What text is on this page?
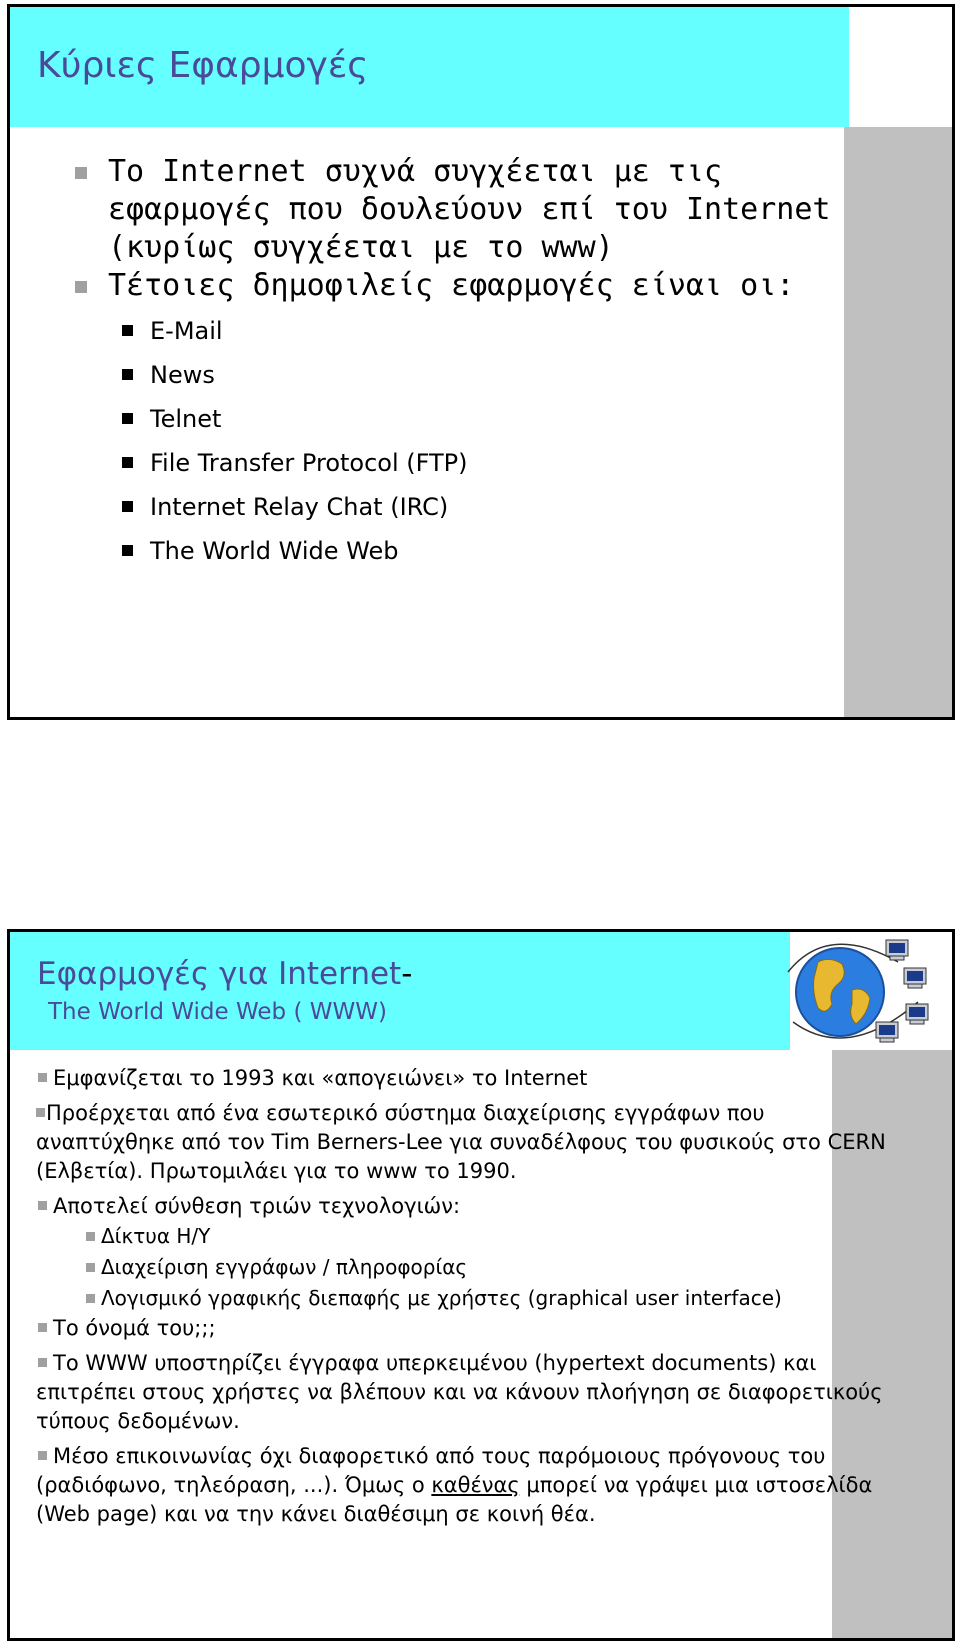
Κύριες Εφαρμογές
Το Internet συχνά συγχέεται με τις εφαρμογές που δουλεύουν επί του Internet (κυρίως συγχέεται με το www)
Τέτοιες δημοφιλείς εφαρμογές είναι οι:
E-Mail
News
Telnet
File Transfer Protocol (FTP)
Internet Relay Chat (IRC)
The World Wide Web
Εφαρμογές για Internet-
The World Wide Web ( WWW)

Εμφανίζεται το 1993 και «απογειώνει» το Internet

Προέρχεται από ένα εσωτερικό σύστημα διαχείρισης εγγράφων που αναπτύχθηκε από τον Tim Berners-Lee για συναδέλφους του φυσικούς στο CERN (Ελβετία). Πρωτομιλάει για το www το 1990.

Αποτελεί σύνθεση τριών τεχνολογιών:

Δίκτυα Η/Υ

Διαχείριση εγγράφων / πληροφορίας

Λογισμικό γραφικής διεπαφής με χρήστες (graphical user interface)

Το όνομά του;;;

Το WWW υποστηρίζει έγγραφα υπερκειμένου (hypertext documents) και επιτρέπει στους χρήστες να βλέπουν και να κάνουν πλοήγηση σε διαφορετικούς τύπους δεδομένων.

Μέσο επικοινωνίας όχι διαφορετικό από τους παρόμοιους πρόγονους του (ραδιόφωνο, τηλεόραση, ...). Όμως ο καθένας μπορεί να γράψει μια ιστοσελίδα (Web page) και να την κάνει διαθέσιμη σε κοινή θέα.
